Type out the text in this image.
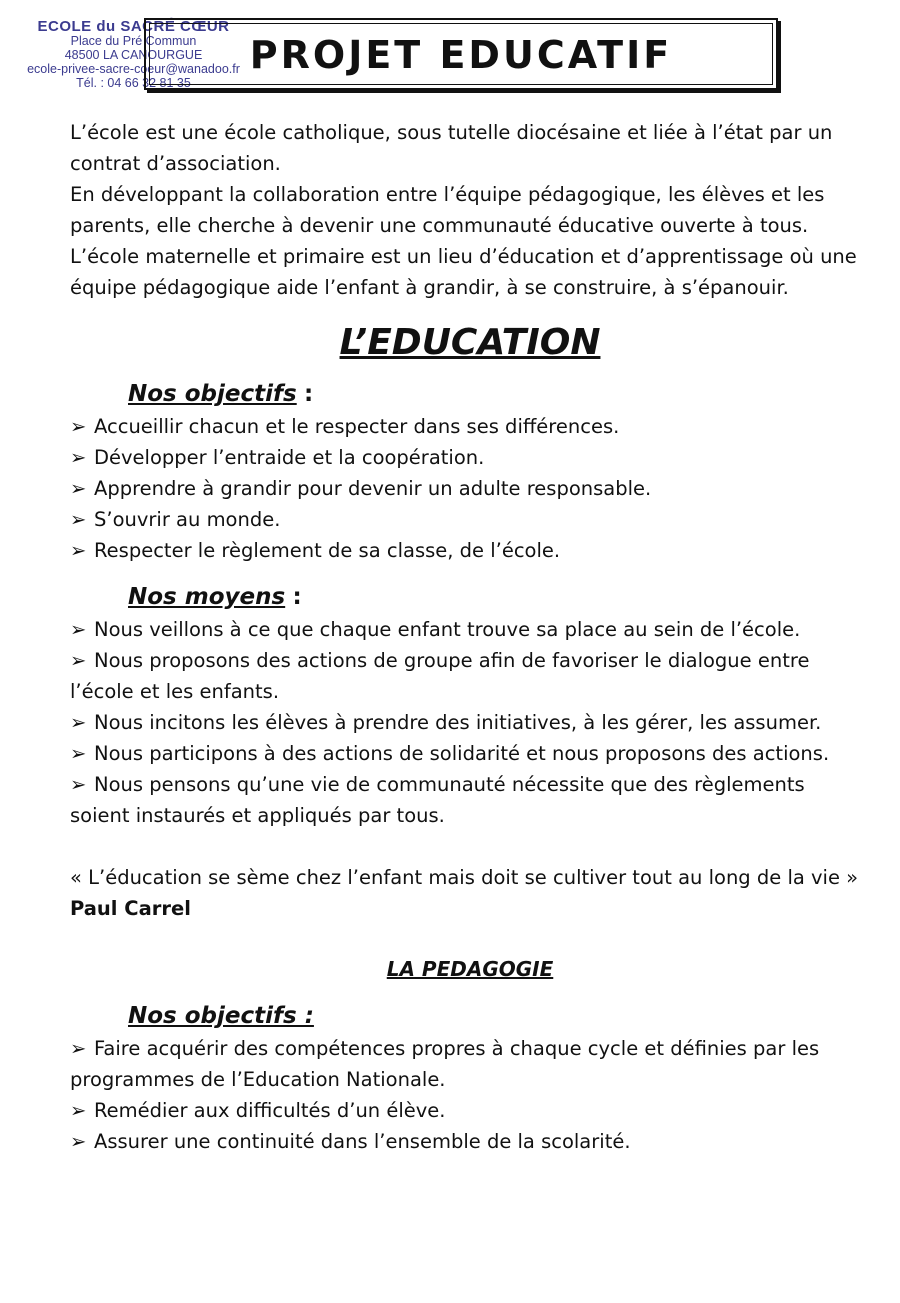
ECOLE du SACRÉ CŒUR
Place du Pré Commun
48500 LA CANOURGUE
ecole-privee-sacre-coeur@wanadoo.fr
Tél. : 04 66 32 81 35
PROJET EDUCATIF

L’école est une école catholique, sous tutelle diocésaine et liée à l’état par un contrat d’association.

En développant la collaboration entre l’équipe pédagogique, les élèves et les parents, elle cherche à devenir une communauté éducative ouverte à tous.

L’école maternelle et primaire est un lieu d’éducation et d’apprentissage où une équipe pédagogique aide l’enfant à grandir, à se construire, à s’épanouir.

L’EDUCATION
Nos objectifs :
➢ Accueillir chacun et le respecter dans ses différences.
➢ Développer l’entraide et la coopération.
➢ Apprendre à grandir pour devenir un adulte responsable.
➢ S’ouvrir au monde.
➢ Respecter le règlement de sa classe, de l’école.
Nos moyens :
➢ Nous veillons à ce que chaque enfant trouve sa place au sein de l’école.
➢ Nous proposons des actions de groupe afin de favoriser le dialogue entre l’école et les enfants.
➢ Nous incitons les élèves à prendre des initiatives, à les gérer, les assumer.
➢ Nous participons à des actions de solidarité et nous proposons des actions.
➢ Nous pensons qu’une vie de communauté nécessite que des règlements soient instaurés et appliqués par tous.

« L’éducation se sème chez l’enfant mais doit se cultiver tout au long de la vie »

Paul Carrel

LA PEDAGOGIE
Nos objectifs :
➢ Faire acquérir des compétences propres à chaque cycle et définies par les programmes de l’Education Nationale.
➢ Remédier aux difficultés d’un élève.
➢ Assurer une continuité dans l’ensemble de la scolarité.
